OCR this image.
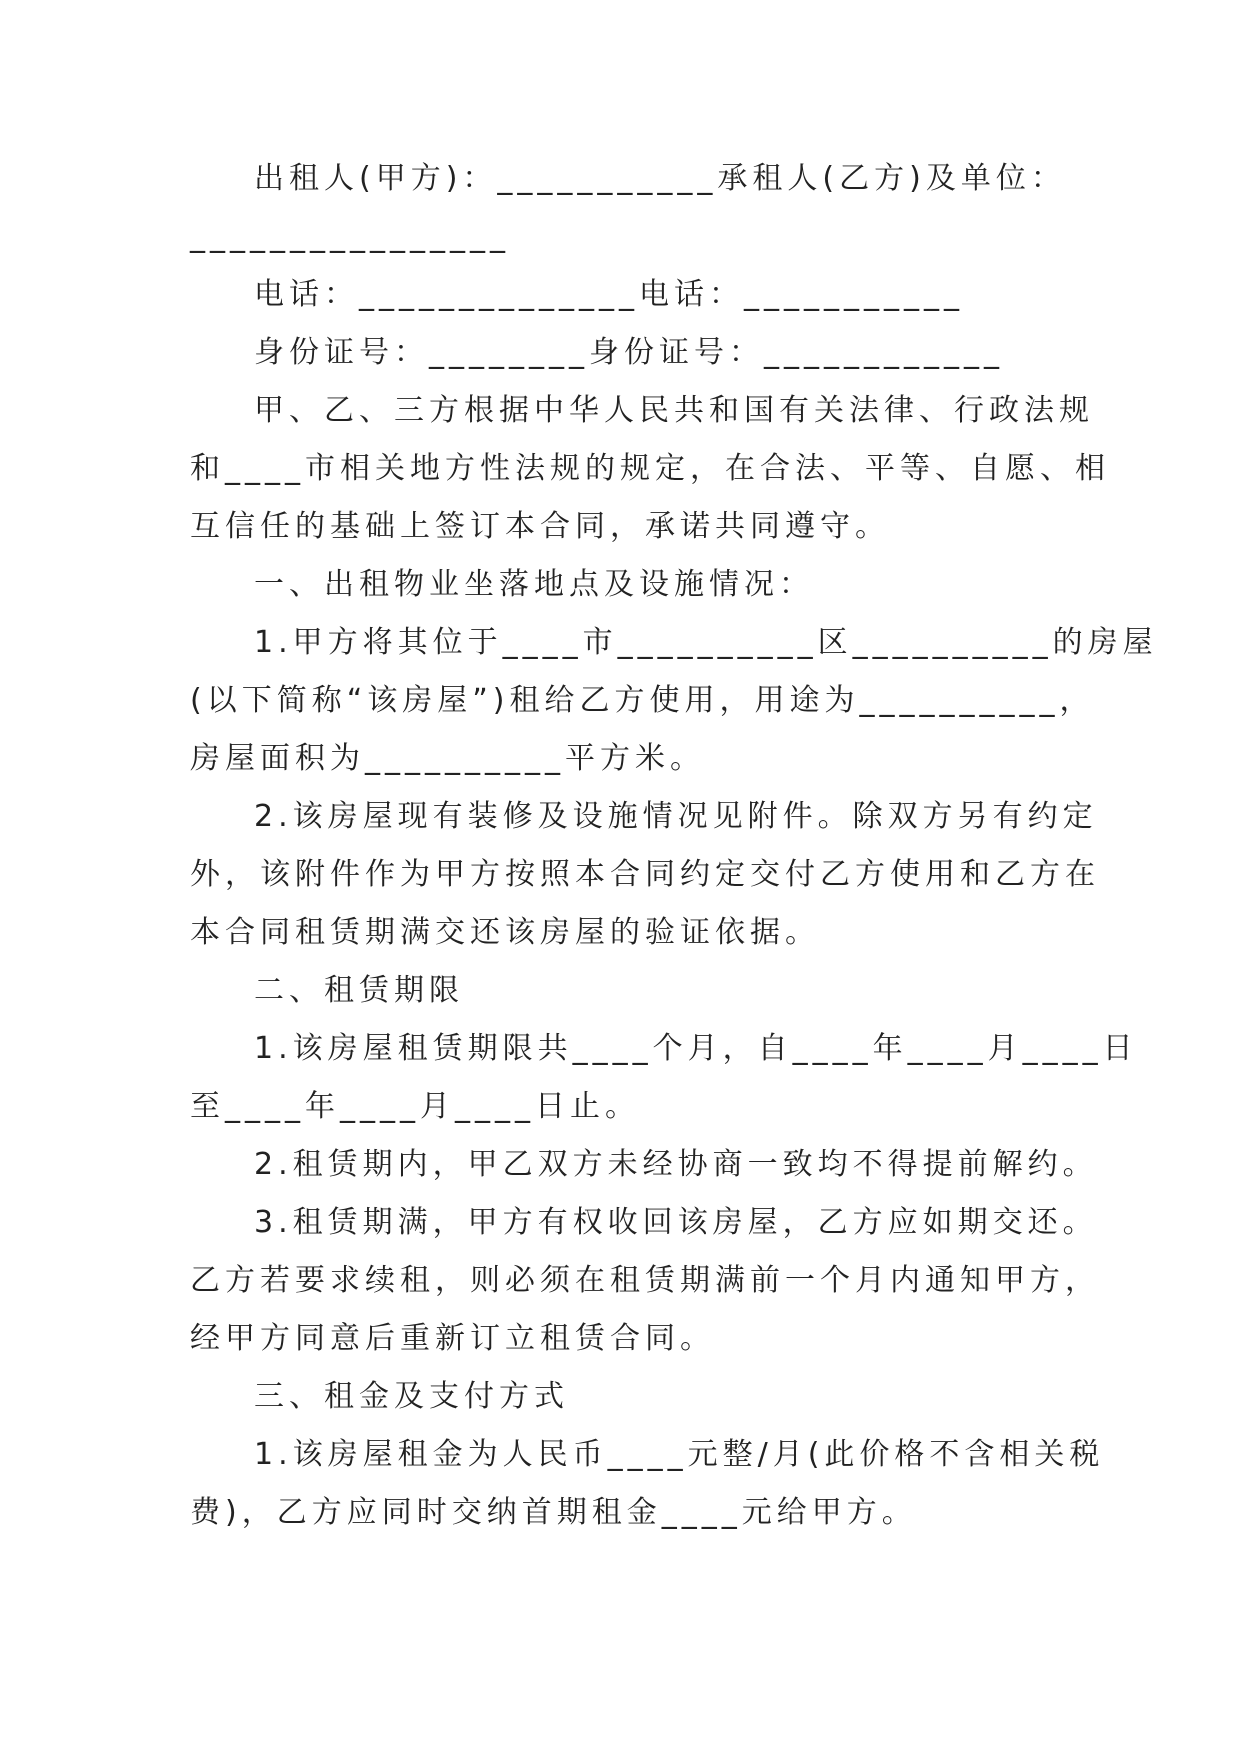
出租人(甲方)：___________承租人(乙方)及单位：

________________

电话：______________电话：___________

身份证号：________身份证号：____________

甲、乙、三方根据中华人民共和国有关法律、行政法规

和____市相关地方性法规的规定，在合法、平等、自愿、相

互信任的基础上签订本合同，承诺共同遵守。

一、出租物业坐落地点及设施情况：

1.甲方将其位于____市__________区__________的房屋

(以下简称“该房屋”)租给乙方使用，用途为__________，

房屋面积为__________平方米。

2.该房屋现有装修及设施情况见附件。除双方另有约定

外，该附件作为甲方按照本合同约定交付乙方使用和乙方在

本合同租赁期满交还该房屋的验证依据。

二、租赁期限

1.该房屋租赁期限共____个月，自____年____月____日

至____年____月____日止。

2.租赁期内，甲乙双方未经协商一致均不得提前解约。

3.租赁期满，甲方有权收回该房屋，乙方应如期交还。

乙方若要求续租，则必须在租赁期满前一个月内通知甲方，

经甲方同意后重新订立租赁合同。

三、租金及支付方式

1.该房屋租金为人民币____元整/月(此价格不含相关税

费)，乙方应同时交纳首期租金____元给甲方。
